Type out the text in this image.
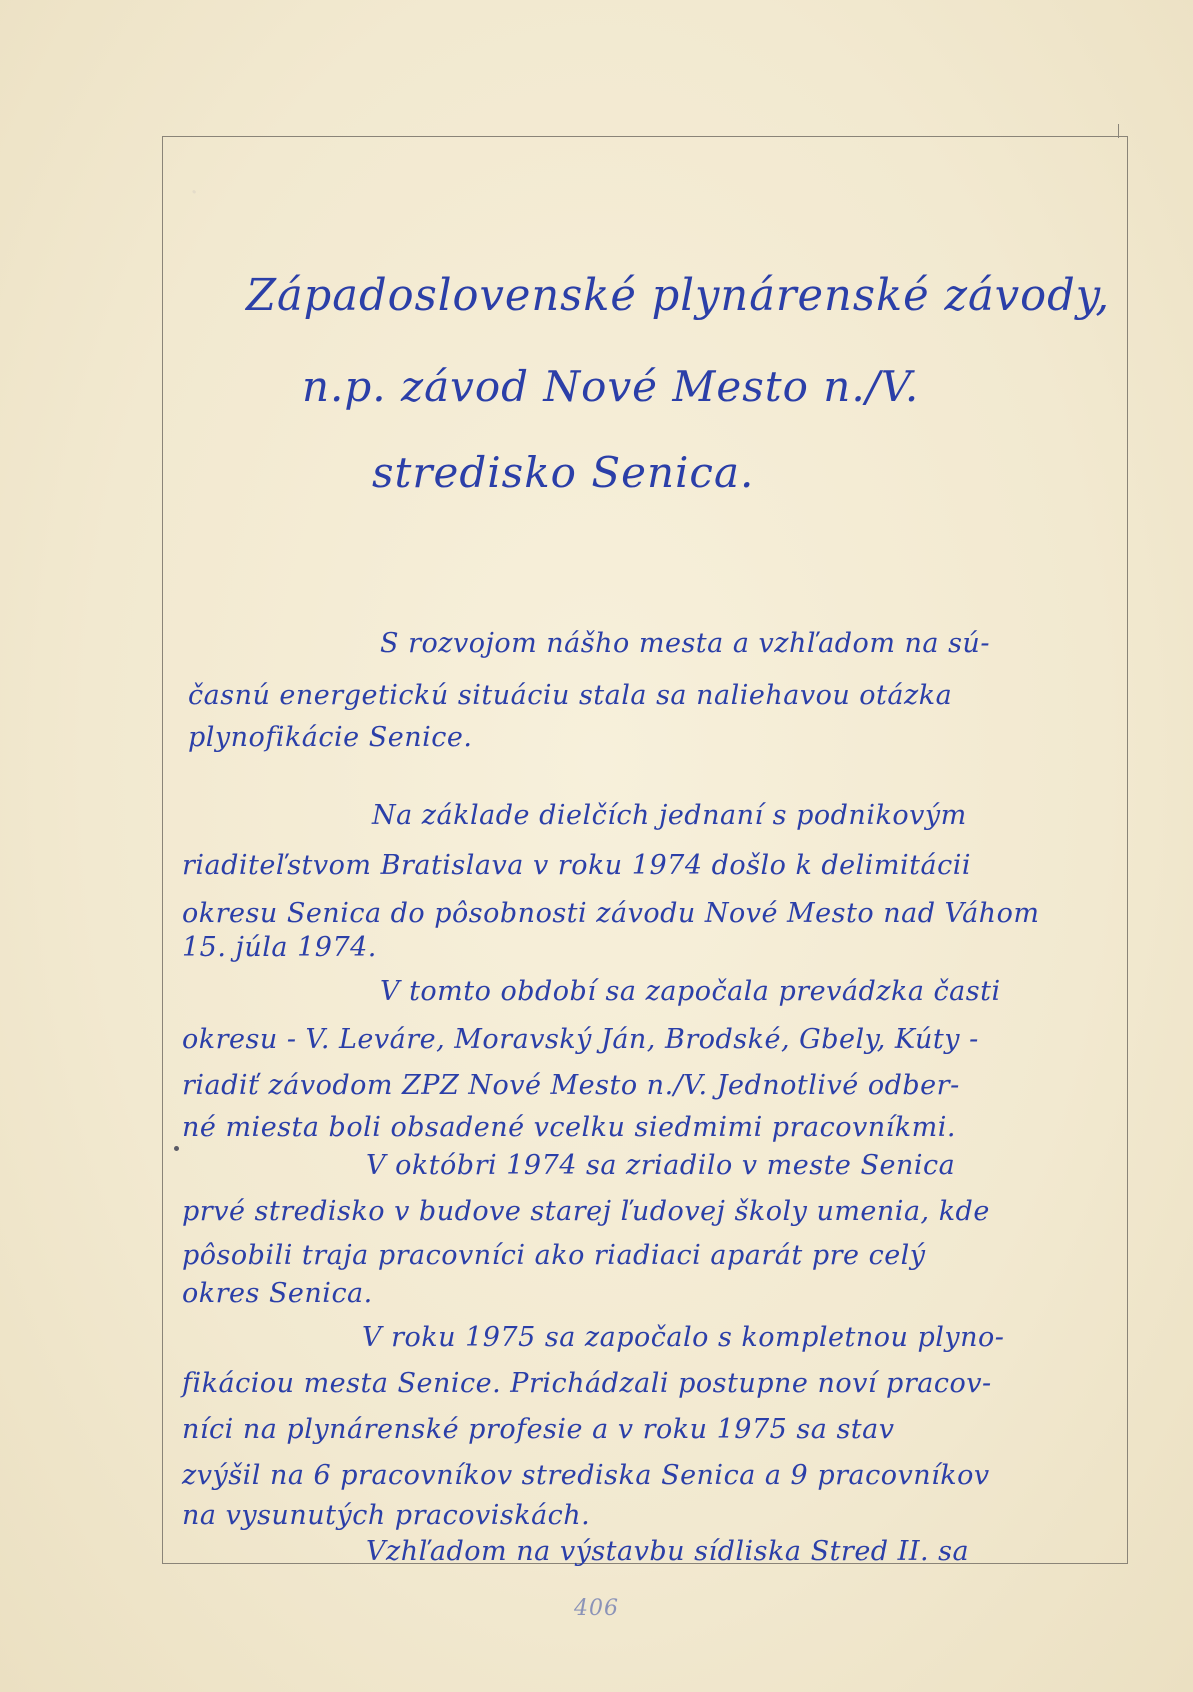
.
Západoslovenské plynárenské závody,
n.p. závod Nové Mesto n./V.
stredisko Senica.
S rozvojom nášho mesta a vzhľadom na sú-
časnú energetickú situáciu stala sa naliehavou otázka
plynofikácie Senice.
Na základe dielčích jednaní s podnikovým
riaditeľstvom Bratislava v roku 1974 došlo k delimitácii
okresu Senica do pôsobnosti závodu Nové Mesto nad Váhom
15. júla 1974.
V tomto období sa započala prevádzka časti
okresu - V. Leváre, Moravský Ján, Brodské, Gbely, Kúty -
riadiť závodom ZPZ Nové Mesto n./V. Jednotlivé odber-
né miesta boli obsadené vcelku siedmimi pracovníkmi.
V októbri 1974 sa zriadilo v meste Senica
prvé stredisko v budove starej ľudovej školy umenia, kde
pôsobili traja pracovníci ako riadiaci aparát pre celý
okres Senica.
V roku 1975 sa započalo s kompletnou plyno-
fikáciou mesta Senice. Prichádzali postupne noví pracov-
níci na plynárenské profesie a v roku 1975 sa stav
zvýšil na 6 pracovníkov strediska Senica a 9 pracovníkov
na vysunutých pracoviskách.
Vzhľadom na výstavbu sídliska Stred II. sa
406
